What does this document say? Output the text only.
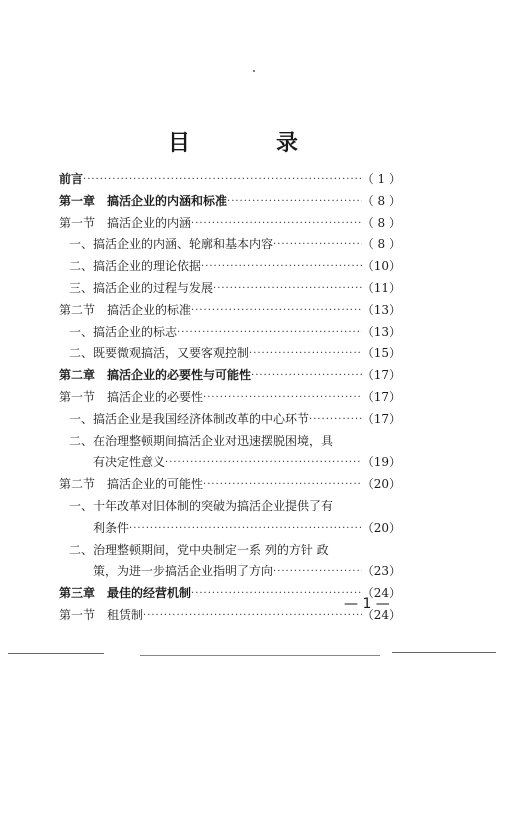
目	录
前言 ·····	（ 1 ）
第一章　搞活企业的内涵和标准 ·····	（ 8 ）
第一节　搞活企业的内涵 ·····	（ 8 ）
一、搞活企业的内涵、轮廓和基本内容 ·····	（ 8 ）
二、搞活企业的理论依据 ·····	（10）
三、搞活企业的过程与发展 ·····	（11）
第二节　搞活企业的标准 ·····	（13）
一、搞活企业的标志 ·····	（13）
二、既要微观搞活，又要客观控制 ·····	（15）
第二章　搞活企业的必要性与可能性 ·····	（17）
第一节　搞活企业的必要性 ·····	（17）
一、搞活企业是我国经济体制改革的中心环节 ·····	（17）
二、在治理整顿期间搞活企业对迅速摆脱困境，具
有决定性意义 ·····	（19）
第二节　搞活企业的可能性 ·····	（20）
一、十年改革对旧体制的突破为搞活企业提供了有
利条件 ·····	（20）
二、治理整顿期间，党中央制定一系 列的方针 政
策，为进一步搞活企业指明了方向 ·····	（23）
第三章　最佳的经营机制 ·····	（24）
第一节　租赁制 ·····	（24）
— 1 —
